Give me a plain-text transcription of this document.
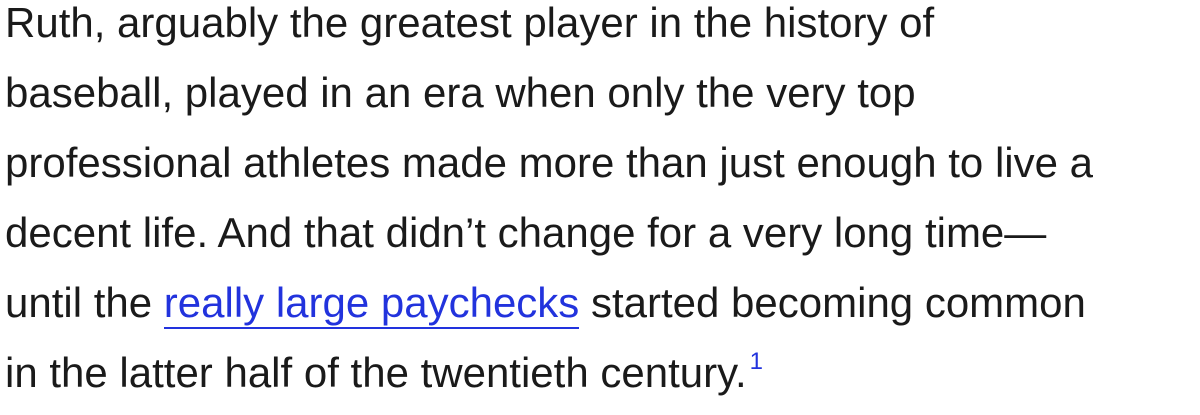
Ruth, arguably the greatest player in the history of
baseball, played in an era when only the very top
professional athletes made more than just enough to live a
decent life. And that didn’t change for a very long time—
until the really large paychecks started becoming common
in the latter half of the twentieth century. $^1$
